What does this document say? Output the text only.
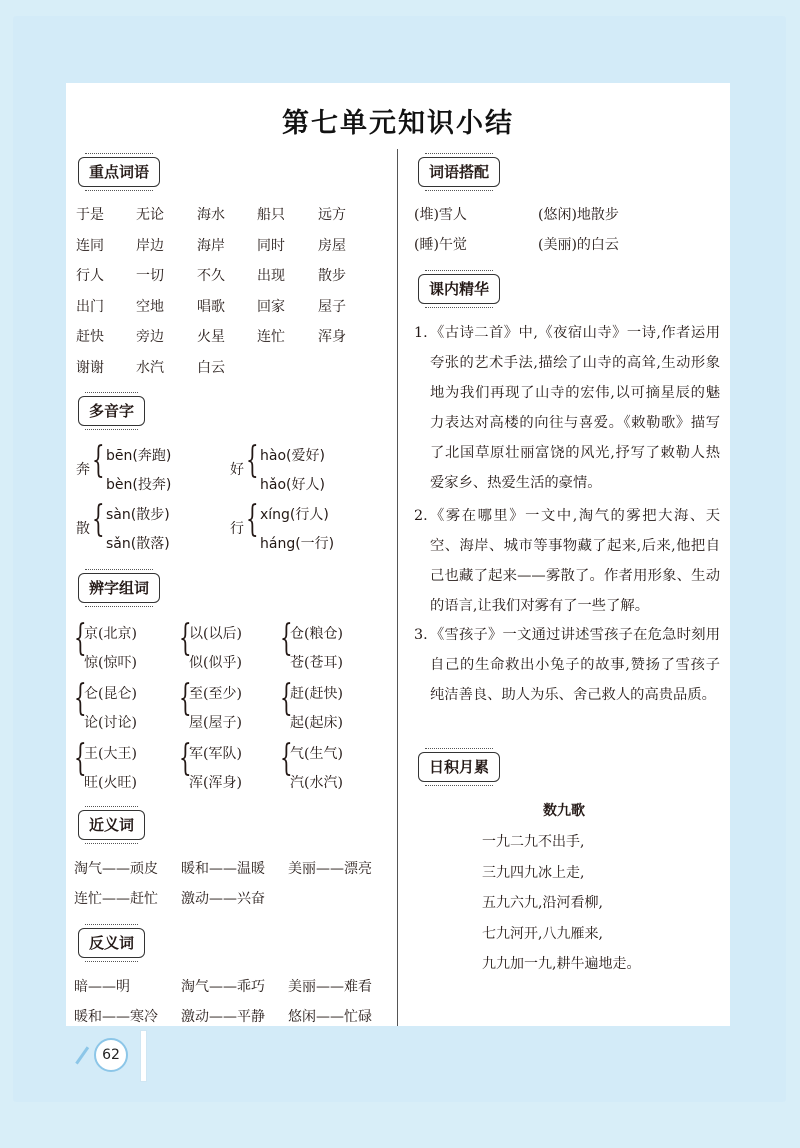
第七单元知识小结
重点词语
于是 无论 海水 船只 远方
连同 岸边 海岸 同时 房屋
行人 一切 不久 出现 散步
出门 空地 唱歌 回家 屋子
赶快 旁边 火星 连忙 浑身
谢谢 水汽 白云
多音字
奔 { bēn(奔跑)
bèn(投奔)
好 { hào(爱好)
hǎo(好人)
散 { sàn(散步)
sǎn(散落)
行 { xíng(行人)
háng(一行)
辨字组词
{
京(北京)
惊(惊吓)
{
以(以后)
似(似乎)
{
仓(粮仓)
苍(苍耳)
{
仑(昆仑)
论(讨论)
{
至(至少)
屋(屋子)
{
赶(赶快)
起(起床)
{
王(大王)
旺(火旺)
{
军(军队)
浑(浑身)
{
气(生气)
汽(水汽)
近义词
淘气——顽皮 暖和——温暖 美丽——漂亮
连忙——赶忙 激动——兴奋
反义词
暗——明	淘气——乖巧 美丽——难看
暖和——寒冷 激动——平静 悠闲——忙碌
词语搭配
(堆)雪人	(悠闲)地散步
(睡)午觉	(美丽)的白云
课内精华
1. 《古诗二首》中,《夜宿山寺》一诗,作者运用夸张的艺术手法,描绘了山寺的高耸,生动形象地为我们再现了山寺的宏伟,以可摘星辰的魅力表达对高楼的向往与喜爱。《敕勒歌》描写了北国草原壮丽富饶的风光,抒写了敕勒人热爱家乡、热爱生活的豪情。
2. 《雾在哪里》一文中,淘气的雾把大海、天空、海岸、城市等事物藏了起来,后来,他把自己也藏了起来——雾散了。作者用形象、生动的语言,让我们对雾有了一些了解。
3. 《雪孩子》一文通过讲述雪孩子在危急时刻用自己的生命救出小兔子的故事,赞扬了雪孩子纯洁善良、助人为乐、舍己救人的高贵品质。
日积月累
数九歌
一九二九不出手,
三九四九冰上走,
五九六九,沿河看柳,
七九河开,八九雁来,
九九加一九,耕牛遍地走。
62
